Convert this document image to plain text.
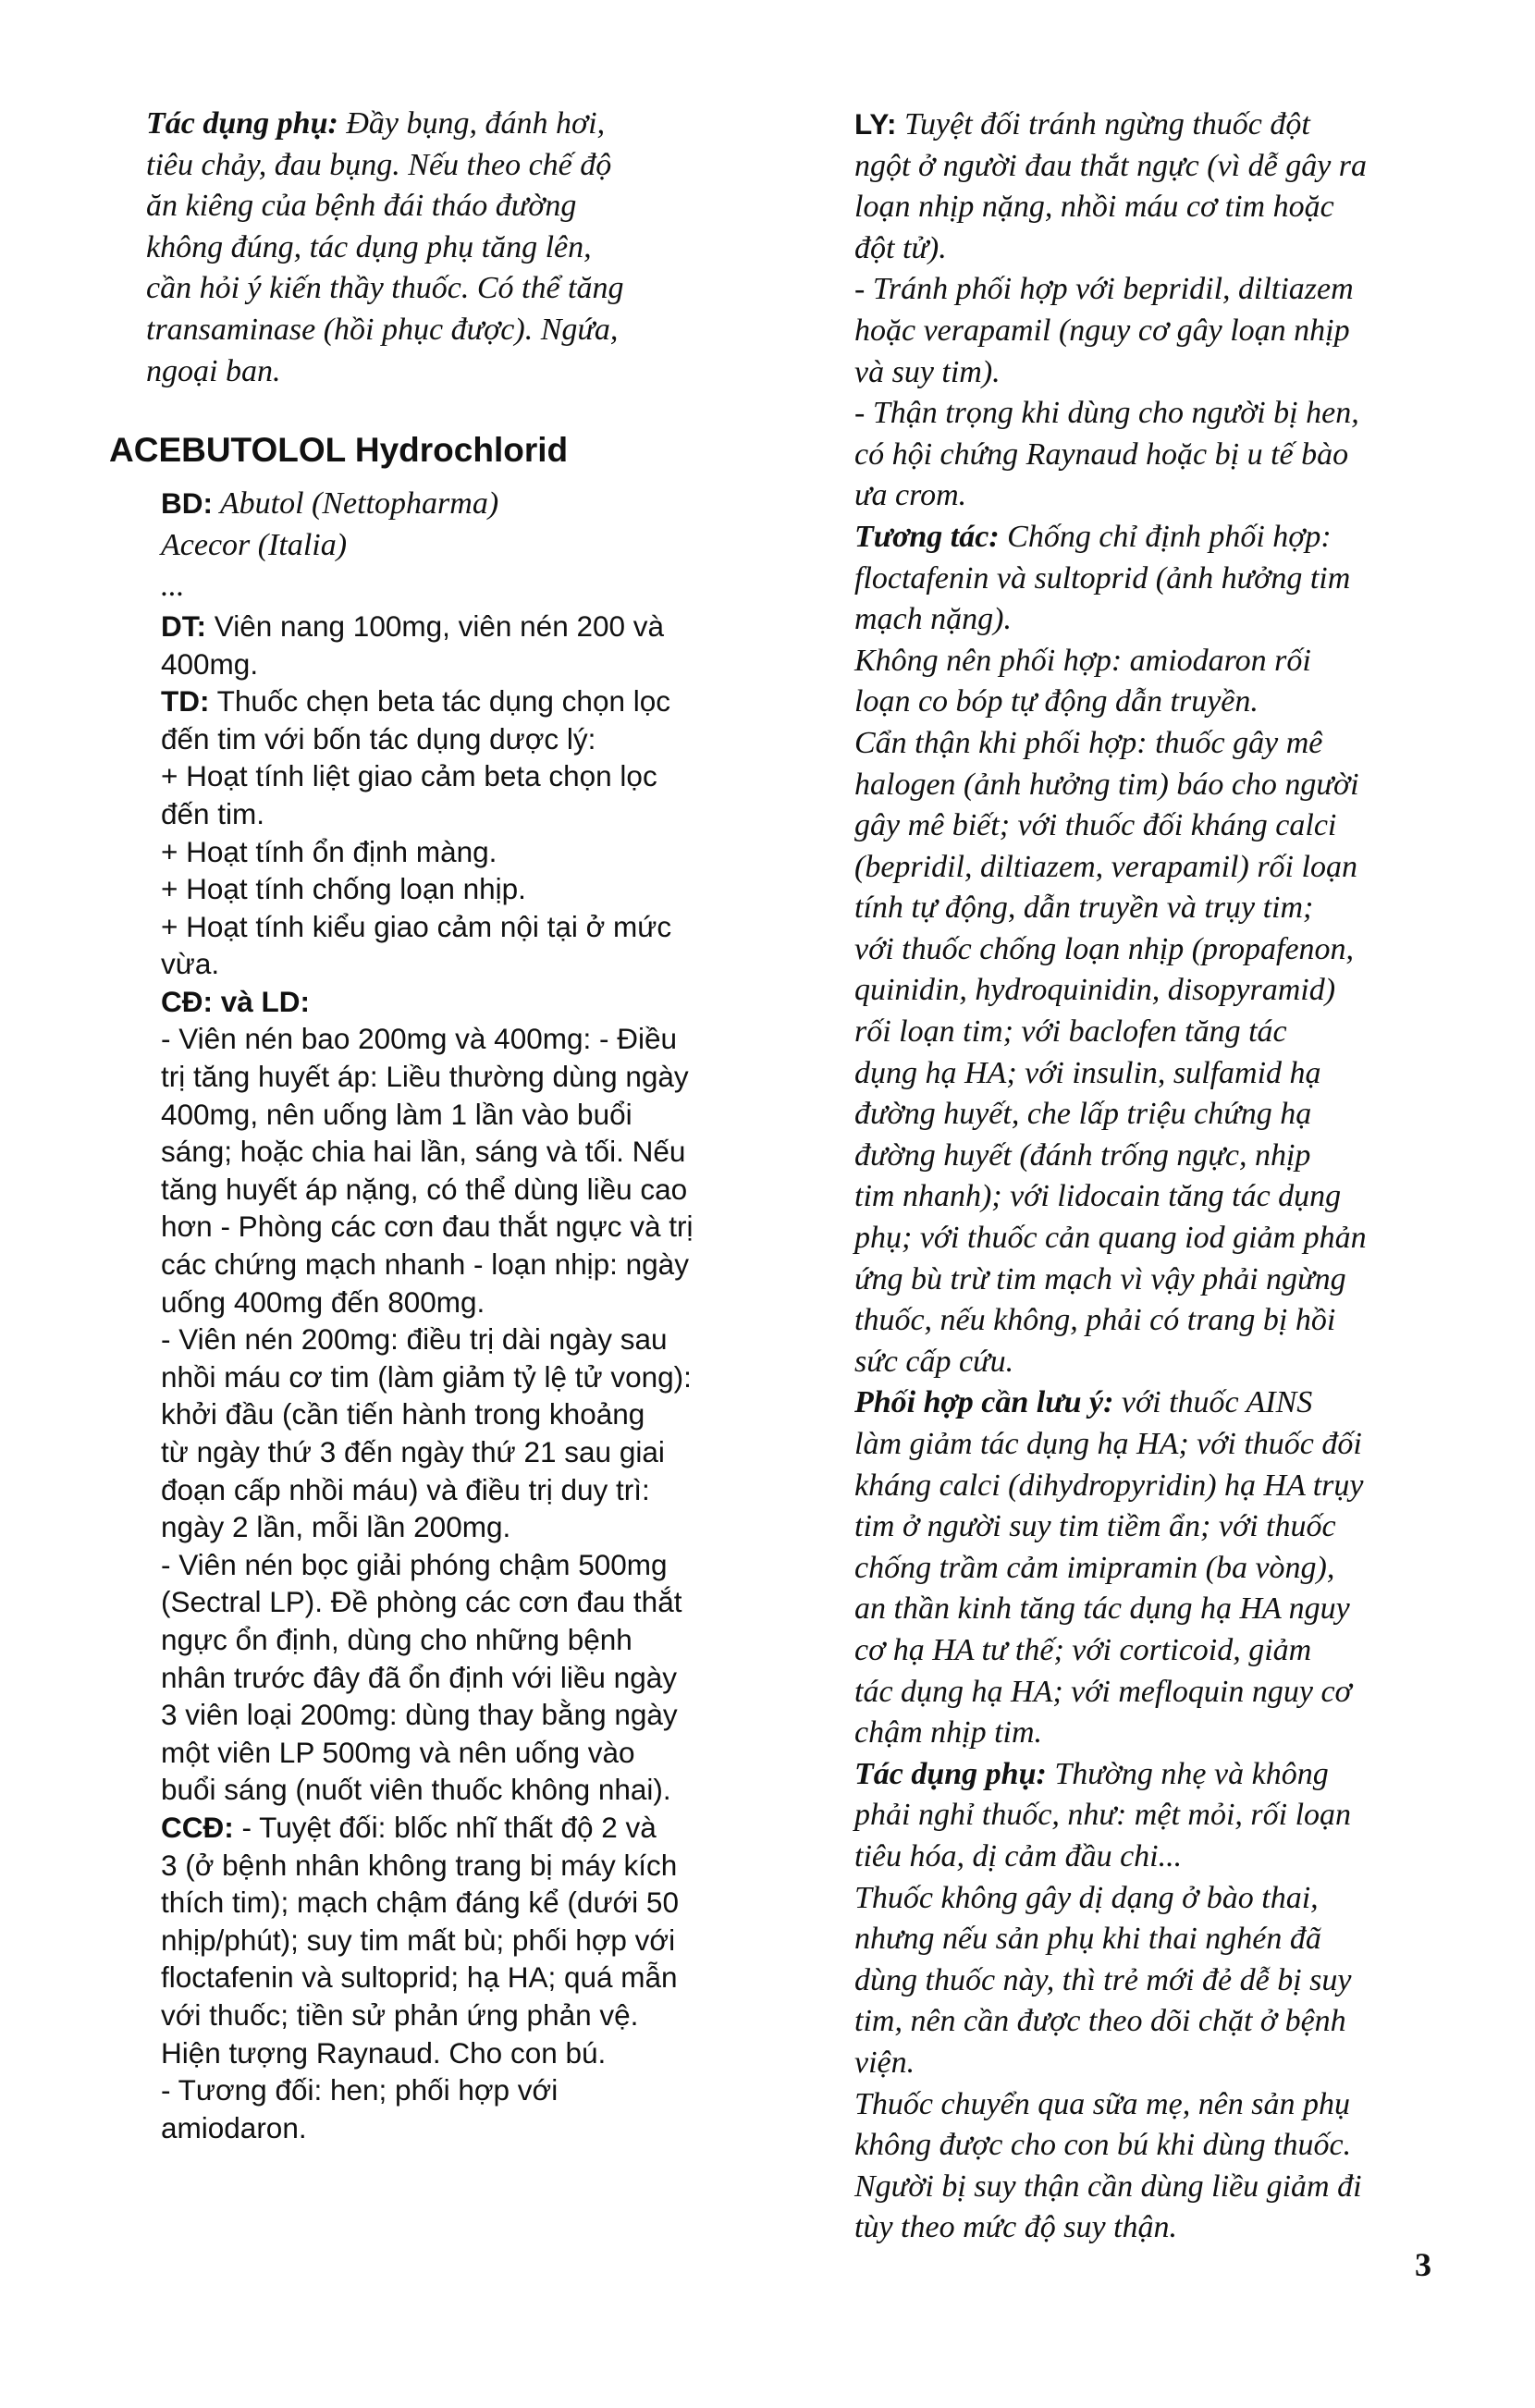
Tác dụng phụ: Đầy bụng, đánh hơi,
tiêu chảy, đau bụng. Nếu theo chế độ
ăn kiêng của bệnh đái tháo đường
không đúng, tác dụng phụ tăng lên,
cần hỏi ý kiến thầy thuốc. Có thể tăng
transaminase (hồi phục được). Ngứa,
ngoại ban.

ACEBUTOLOL Hydrochlorid

BD: Abutol (Nettopharma)
Acecor (Italia)
...

DT: Viên nang 100mg, viên nén 200 và
400mg.

TD: Thuốc chẹn beta tác dụng chọn lọc
đến tim với bốn tác dụng dược lý:
+ Hoạt tính liệt giao cảm beta chọn lọc
đến tim.
+ Hoạt tính ổn định màng.
+ Hoạt tính chống loạn nhịp.
+ Hoạt tính kiểu giao cảm nội tại ở mức
vừa.

CĐ: và LD:

- Viên nén bao 200mg và 400mg: - Điều
trị tăng huyết áp: Liều thường dùng ngày
400mg, nên uống làm 1 lần vào buổi
sáng; hoặc chia hai lần, sáng và tối. Nếu
tăng huyết áp nặng, có thể dùng liều cao
hơn - Phòng các cơn đau thắt ngực và trị
các chứng mạch nhanh - loạn nhịp: ngày
uống 400mg đến 800mg.
- Viên nén 200mg: điều trị dài ngày sau
nhồi máu cơ tim (làm giảm tỷ lệ tử vong):
khởi đầu (cần tiến hành trong khoảng
từ ngày thứ 3 đến ngày thứ 21 sau giai
đoạn cấp nhồi máu) và điều trị duy trì:
ngày 2 lần, mỗi lần 200mg.
- Viên nén bọc giải phóng chậm 500mg
(Sectral LP). Đề phòng các cơn đau thắt
ngực ổn định, dùng cho những bệnh
nhân trước đây đã ổn định với liều ngày
3 viên loại 200mg: dùng thay bằng ngày
một viên LP 500mg và nên uống vào
buổi sáng (nuốt viên thuốc không nhai).

CCĐ: - Tuyệt đối: blốc nhĩ thất độ 2 và
3 (ở bệnh nhân không trang bị máy kích
thích tim); mạch chậm đáng kể (dưới 50
nhịp/phút); suy tim mất bù; phối hợp với
floctafenin và sultoprid; hạ HA; quá mẫn
với thuốc; tiền sử phản ứng phản vệ.
Hiện tượng Raynaud. Cho con bú.
- Tương đối: hen; phối hợp với
amiodaron.

LY: Tuyệt đối tránh ngừng thuốc đột
ngột ở người đau thắt ngực (vì dễ gây ra
loạn nhịp nặng, nhồi máu cơ tim hoặc
đột tử).
- Tránh phối hợp với bepridil, diltiazem
hoặc verapamil (nguy cơ gây loạn nhịp
và suy tim).
- Thận trọng khi dùng cho người bị hen,
có hội chứng Raynaud hoặc bị u tế bào
ưa crom.

Tương tác: Chống chỉ định phối hợp:
floctafenin và sultoprid (ảnh hưởng tim
mạch nặng).
Không nên phối hợp: amiodaron rối
loạn co bóp tự động dẫn truyền.
Cẩn thận khi phối hợp: thuốc gây mê
halogen (ảnh hưởng tim) báo cho người
gây mê biết; với thuốc đối kháng calci
(bepridil, diltiazem, verapamil) rối loạn
tính tự động, dẫn truyền và trụy tim;
với thuốc chống loạn nhịp (propafenon,
quinidin, hydroquinidin, disopyramid)
rối loạn tim; với baclofen tăng tác
dụng hạ HA; với insulin, sulfamid hạ
đường huyết, che lấp triệu chứng hạ
đường huyết (đánh trống ngực, nhịp
tim nhanh); với lidocain tăng tác dụng
phụ; với thuốc cản quang iod giảm phản
ứng bù trừ tim mạch vì vậy phải ngừng
thuốc, nếu không, phải có trang bị hồi
sức cấp cứu.

Phối hợp cần lưu ý: với thuốc AINS
làm giảm tác dụng hạ HA; với thuốc đối
kháng calci (dihydropyridin) hạ HA trụy
tim ở người suy tim tiềm ẩn; với thuốc
chống trầm cảm imipramin (ba vòng),
an thần kinh tăng tác dụng hạ HA nguy
cơ hạ HA tư thế; với corticoid, giảm
tác dụng hạ HA; với mefloquin nguy cơ
chậm nhịp tim.

Tác dụng phụ: Thường nhẹ và không
phải nghỉ thuốc, như: mệt mỏi, rối loạn
tiêu hóa, dị cảm đầu chi...
Thuốc không gây dị dạng ở bào thai,
nhưng nếu sản phụ khi thai nghén đã
dùng thuốc này, thì trẻ mới đẻ dễ bị suy
tim, nên cần được theo dõi chặt ở bệnh
viện.
Thuốc chuyển qua sữa mẹ, nên sản phụ
không được cho con bú khi dùng thuốc.
Người bị suy thận cần dùng liều giảm đi
tùy theo mức độ suy thận.

3
